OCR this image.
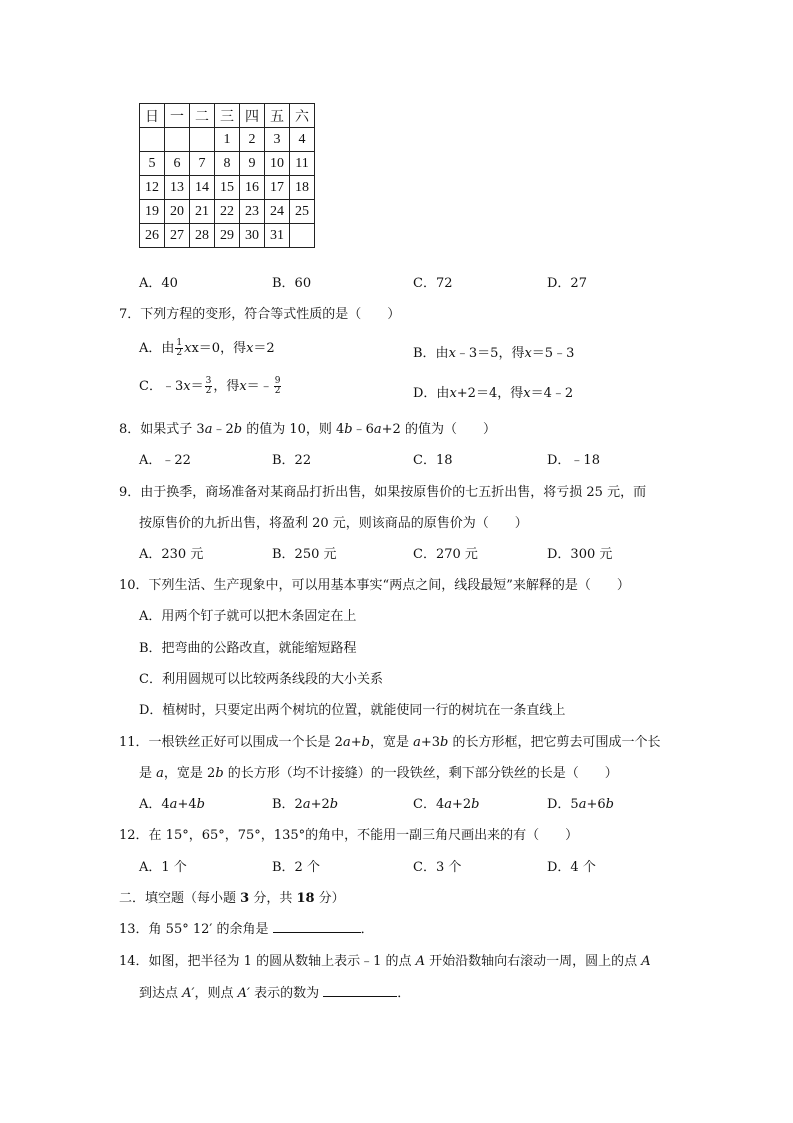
日	一	二	三	四	五	六
			1	2	3	4
5	6	7	8	9	10	11
12	13	14	15	16	17	18
19	20	21	22	23	24	25
26	27	28	29	30	31	
A．40	B．60	C．72	D．27
7．下列方程的变形，符合等式性质的是（　　）
A．由 $\frac{1}{2} xx=0$，得x＝2	B．由x﹣3＝5，得x＝5﹣3
C．﹣3x＝ $\frac{3}{2}$ ，得x＝﹣ $\frac{9}{2}$	D．由x+2＝4，得x＝4﹣2
8．如果式子 3a﹣2b 的值为 10，则 4b﹣6a+2 的值为（　　）
A．﹣22	B．22	C．18	D．﹣18
9．由于换季，商场准备对某商品打折出售，如果按原售价的七五折出售，将亏损 25 元，而
按原售价的九折出售，将盈利 20 元，则该商品的原售价为（　　）
A．230 元	B．250 元	C．270 元	D．300 元
10．下列生活、生产现象中，可以用基本事实“两点之间，线段最短”来解释的是（　　）
A．用两个钉子就可以把木条固定在上
B．把弯曲的公路改直，就能缩短路程
C．利用圆规可以比较两条线段的大小关系
D．植树时，只要定出两个树坑的位置，就能使同一行的树坑在一条直线上
11．一根铁丝正好可以围成一个长是 2a+b，宽是 a+3b 的长方形框，把它剪去可围成一个长
是 a，宽是 2b 的长方形（均不计接缝）的一段铁丝，剩下部分铁丝的长是（　　）
A．4a+4b	B．2a+2b	C．4a+2b	D．5a+6b
12．在 15°，65°，75°，135°的角中，不能用一副三角尺画出来的有（　　）
A．1 个	B．2 个	C．3 个	D．4 个
二．填空题（每小题 3 分，共 18 分）
13．角 55° 12′ 的余角是	．
14．如图，把半径为 1 的圆从数轴上表示﹣1 的点 A 开始沿数轴向右滚动一周，圆上的点 A
到达点 A′，则点 A′ 表示的数为	．
